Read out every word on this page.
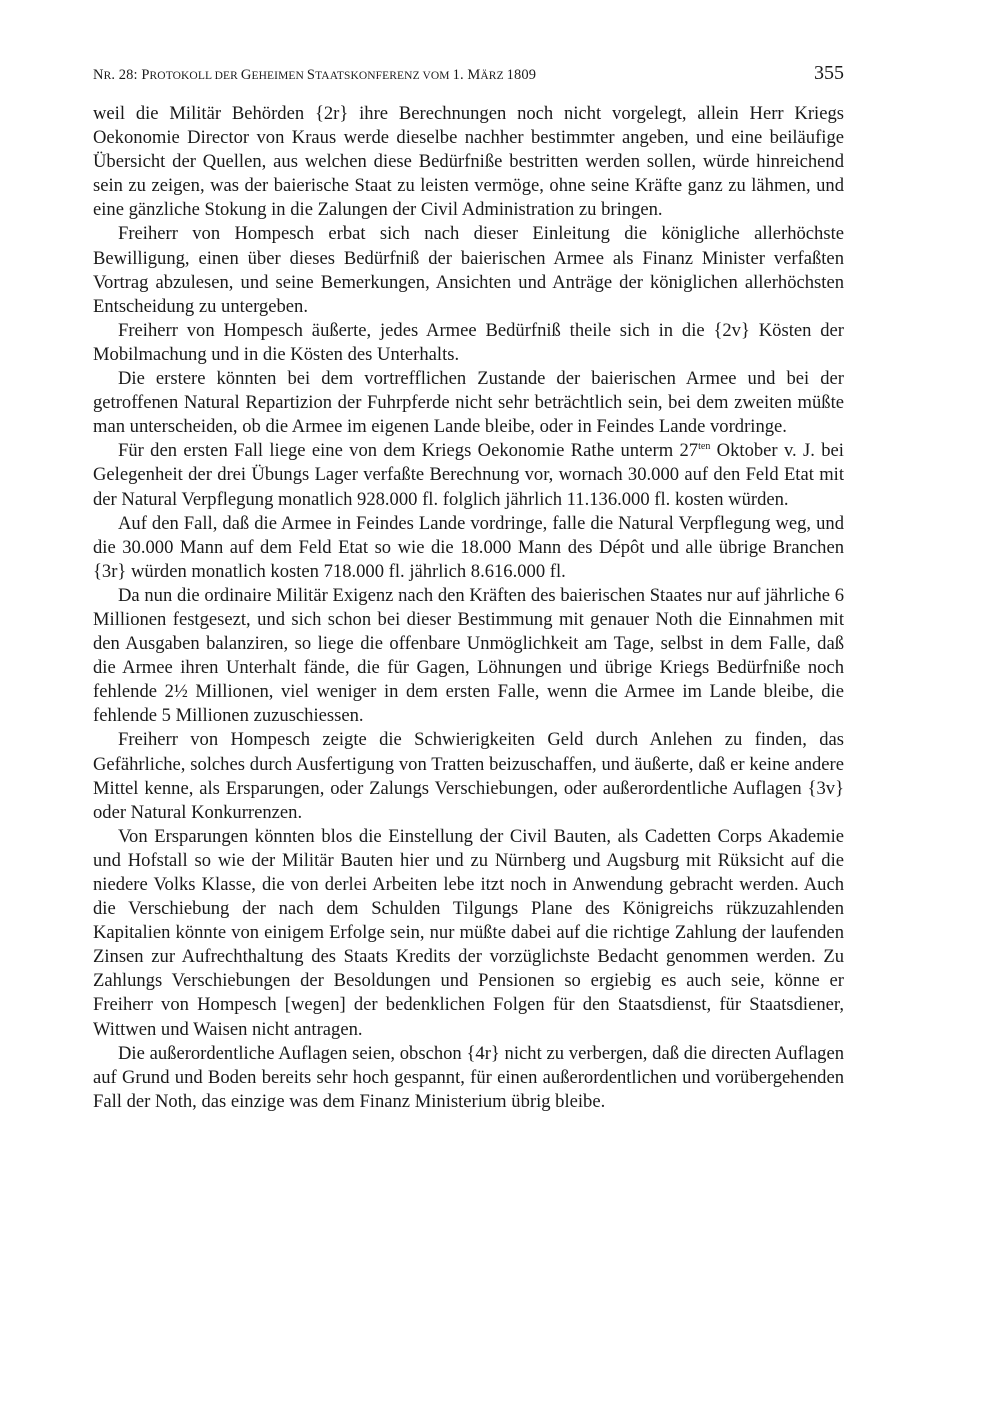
NR. 28: PROTOKOLL DER GEHEIMEN STAATSKONFERENZ VOM 1. MÄRZ 1809	355

weil die Militär Behörden {2r} ihre Berechnungen noch nicht vorgelegt, allein Herr Kriegs Oekonomie Director von Kraus werde dieselbe nachher bestimmter angeben, und eine beiläufige Übersicht der Quellen, aus welchen diese Bedürfniße bestritten werden sollen, würde hinreichend sein zu zeigen, was der baierische Staat zu leisten vermöge, ohne seine Kräfte ganz zu lähmen, und eine gänzliche Stokung in die Zalungen der Civil Administration zu bringen.

Freiherr von Hompesch erbat sich nach dieser Einleitung die königliche allerhöchste Bewilligung, einen über dieses Bedürfniß der baierischen Armee als Finanz Minister verfaßten Vortrag abzulesen, und seine Bemerkungen, Ansichten und Anträge der königlichen allerhöchsten Entscheidung zu untergeben.

Freiherr von Hompesch äußerte, jedes Armee Bedürfniß theile sich in die {2v} Kösten der Mobilmachung und in die Kösten des Unterhalts.

Die erstere könnten bei dem vortrefflichen Zustande der baierischen Armee und bei der getroffenen Natural Repartizion der Fuhrpferde nicht sehr beträchtlich sein, bei dem zweiten müßte man unterscheiden, ob die Armee im eigenen Lande bleibe, oder in Feindes Lande vordringe.

Für den ersten Fall liege eine von dem Kriegs Oekonomie Rathe unterm $27^{ten}$ Oktober v. J. bei Gelegenheit der drei Übungs Lager verfaßte Berechnung vor, wornach 30.000 auf den Feld Etat mit der Natural Verpflegung monatlich 928.000 fl. folglich jährlich 11.136.000 fl. kosten würden.

Auf den Fall, daß die Armee in Feindes Lande vordringe, falle die Natural Verpflegung weg, und die 30.000 Mann auf dem Feld Etat so wie die 18.000 Mann des Dépôt und alle übrige Branchen {3r} würden monatlich kosten 718.000 fl. jährlich 8.616.000 fl.

Da nun die ordinaire Militär Exigenz nach den Kräften des baierischen Staates nur auf jährliche 6 Millionen festgesezt, und sich schon bei dieser Bestimmung mit genauer Noth die Einnahmen mit den Ausgaben balanziren, so liege die offenbare Unmöglichkeit am Tage, selbst in dem Falle, daß die Armee ihren Unterhalt fände, die für Gagen, Löhnungen und übrige Kriegs Bedürfniße noch fehlende 2½ Millionen, viel weniger in dem ersten Falle, wenn die Armee im Lande bleibe, die fehlende 5 Millionen zuzuschiessen.

Freiherr von Hompesch zeigte die Schwierigkeiten Geld durch Anlehen zu finden, das Gefährliche, solches durch Ausfertigung von Tratten beizuschaffen, und äußerte, daß er keine andere Mittel kenne, als Ersparungen, oder Zalungs Verschiebungen, oder außerordentliche Auflagen {3v} oder Natural Konkurrenzen.

Von Ersparungen könnten blos die Einstellung der Civil Bauten, als Cadetten Corps Akademie und Hofstall so wie der Militär Bauten hier und zu Nürnberg und Augsburg mit Rüksicht auf die niedere Volks Klasse, die von derlei Arbeiten lebe itzt noch in Anwendung gebracht werden. Auch die Verschiebung der nach dem Schulden Tilgungs Plane des Königreichs rükzuzahlenden Kapitalien könnte von einigem Erfolge sein, nur müßte dabei auf die richtige Zahlung der laufenden Zinsen zur Aufrechthaltung des Staats Kredits der vorzüglichste Bedacht genommen werden. Zu Zahlungs Verschiebungen der Besoldungen und Pensionen so ergiebig es auch seie, könne er Freiherr von Hompesch [wegen] der bedenklichen Folgen für den Staatsdienst, für Staatsdiener, Wittwen und Waisen nicht antragen.

Die außerordentliche Auflagen seien, obschon {4r} nicht zu verbergen, daß die directen Auflagen auf Grund und Boden bereits sehr hoch gespannt, für einen außerordentlichen und vorübergehenden Fall der Noth, das einzige was dem Finanz Ministerium übrig bleibe.
